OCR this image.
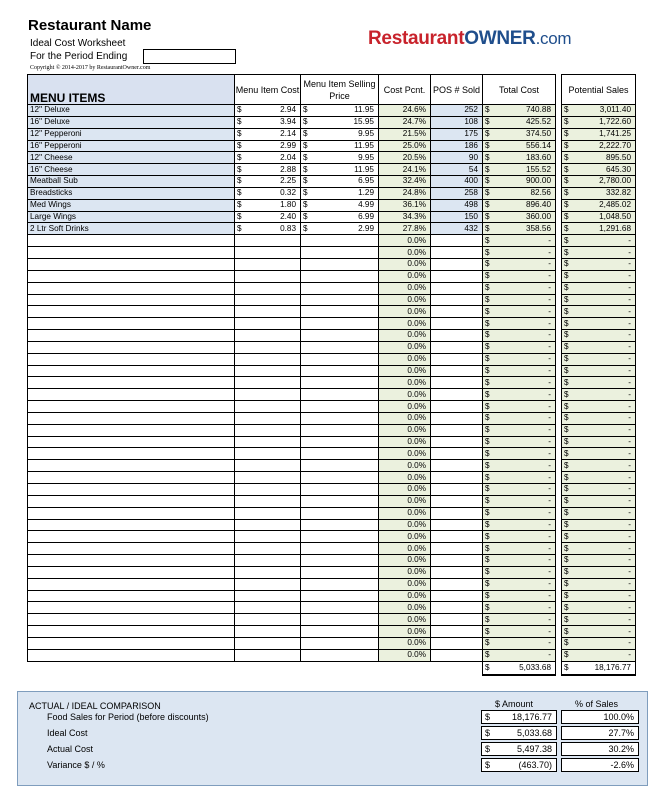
Restaurant Name
Ideal Cost Worksheet
For the Period Ending
Copyright © 2014-2017 by RestaurantOwner.com
RestaurantOWNER.com
MENU ITEMS	Menu Item Cost	Menu Item Selling Price	Cost Pcnt.	POS # Sold	Total Cost		Potential Sales
12" Deluxe	$ 2.94	$ 11.95	24.6%	252	$ 740.88		$ 3,011.40

16" Deluxe	$ 3.94	$ 15.95	24.7%	108	$ 425.52		$ 1,722.60

12" Pepperoni	$ 2.14	$ 9.95	21.5%	175	$ 374.50		$ 1,741.25

16" Pepperoni	$ 2.99	$ 11.95	25.0%	186	$ 556.14		$ 2,222.70

12" Cheese	$ 2.04	$ 9.95	20.5%	90	$ 183.60		$ 895.50

16" Cheese	$ 2.88	$ 11.95	24.1%	54	$ 155.52		$ 645.30

Meatball Sub	$ 2.25	$ 6.95	32.4%	400	$ 900.00		$ 2,780.00

Breadsticks	$ 0.32	$ 1.29	24.8%	258	$ 82.56		$ 332.82

Med Wings	$ 1.80	$ 4.99	36.1%	498	$ 896.40		$ 2,485.02

Large Wings	$ 2.40	$ 6.99	34.3%	150	$ 360.00		$ 1,048.50

2 Ltr Soft Drinks	$ 0.83	$ 2.99	27.8%	432	$ 358.56		$ 1,291.68

			0.0%		$ -		$ -

			0.0%		$ -		$ -

			0.0%		$ -		$ -

			0.0%		$ -		$ -

			0.0%		$ -		$ -

			0.0%		$ -		$ -

			0.0%		$ -		$ -

			0.0%		$ -		$ -

			0.0%		$ -		$ -

			0.0%		$ -		$ -

			0.0%		$ -		$ -

			0.0%		$ -		$ -

			0.0%		$ -		$ -

			0.0%		$ -		$ -

			0.0%		$ -		$ -

			0.0%		$ -		$ -

			0.0%		$ -		$ -

			0.0%		$ -		$ -

			0.0%		$ -		$ -

			0.0%		$ -		$ -

			0.0%		$ -		$ -

			0.0%		$ -		$ -

			0.0%		$ -		$ -

			0.0%		$ -		$ -

			0.0%		$ -		$ -

			0.0%		$ -		$ -

			0.0%		$ -		$ -

			0.0%		$ -		$ -

			0.0%		$ -		$ -

			0.0%		$ -		$ -

			0.0%		$ -		$ -

			0.0%		$ -		$ -

			0.0%		$ -		$ -

			0.0%		$ -		$ -

			0.0%		$ -		$ -

			0.0%		$ -		$ -

					$ 5,033.68		$ 18,176.77
ACTUAL / IDEAL COMPARISON	$ Amount	% of Sales
Food Sales for Period (before discounts)	$ 18,176.77	100.0%
Ideal Cost	$	5,033.68	27.7%
Actual Cost	$	5,497.38	30.2%
Variance $ / %	$	(463.70)	-2.6%
